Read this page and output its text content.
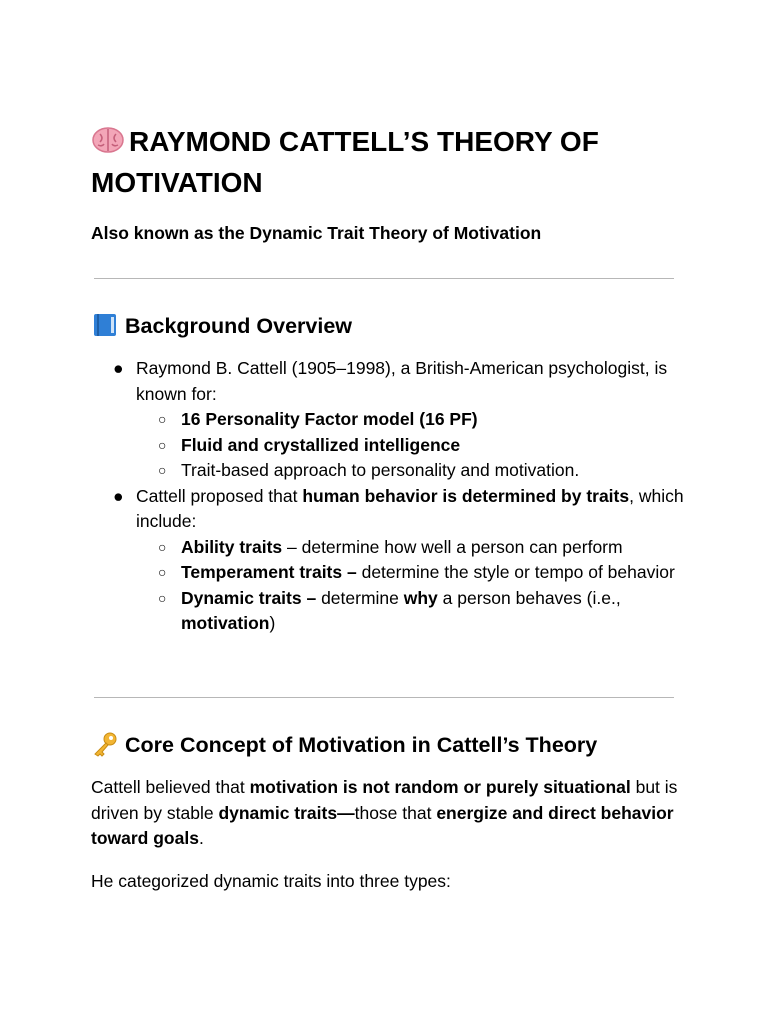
RAYMOND CATTELL’S THEORY OF MOTIVATION

Also known as the Dynamic Trait Theory of Motivation

Background Overview
● Raymond B. Cattell (1905–1998), a British-American psychologist, is known for:
○ 16 Personality Factor model (16 PF)
○ Fluid and crystallized intelligence
○ Trait-based approach to personality and motivation.
● Cattell proposed that human behavior is determined by traits, which include:
○ Ability traits – determine how well a person can perform
○ Temperament traits – determine the style or tempo of behavior
○ Dynamic traits – determine why a person behaves (i.e., motivation)
Core Concept of Motivation in Cattell’s Theory

Cattell believed that motivation is not random or purely situational but is driven by stable dynamic traits—those that energize and direct behavior toward goals.

He categorized dynamic traits into three types:
